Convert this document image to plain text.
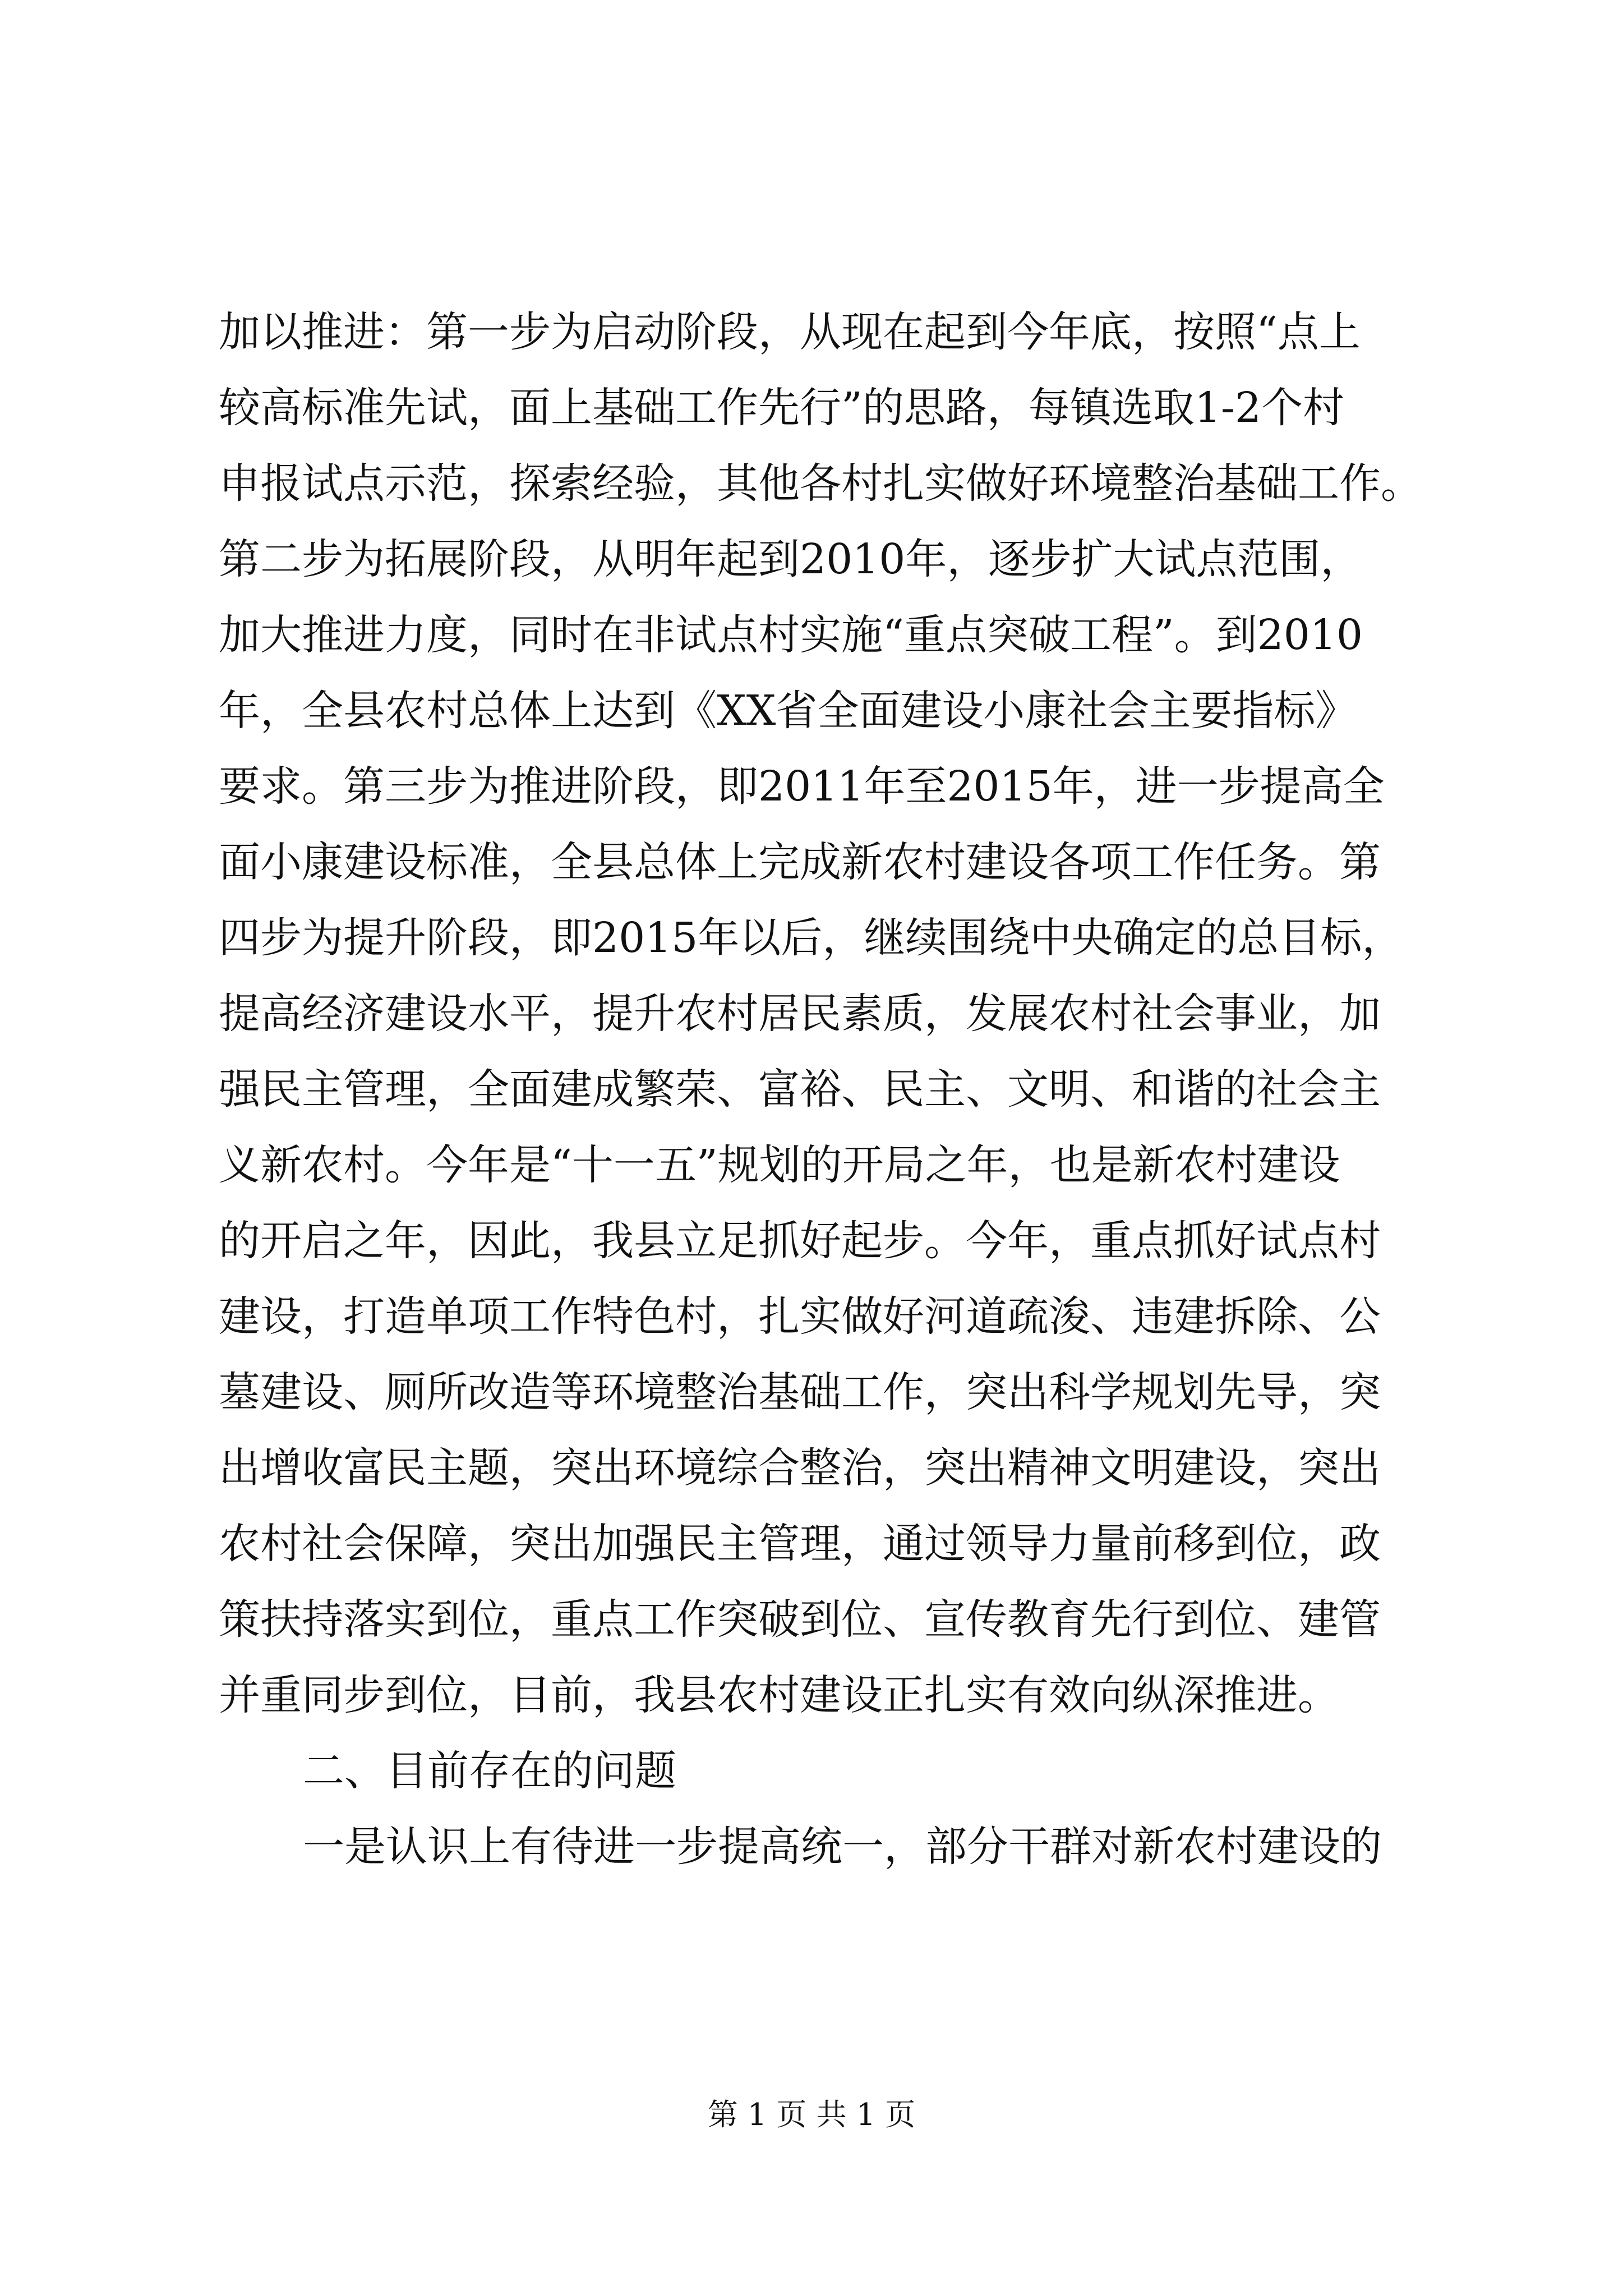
加以推进：第一步为启动阶段，从现在起到今年底，按照“点上
较高标准先试，面上基础工作先行”的思路，每镇选取1-2个村
申报试点示范，探索经验，其他各村扎实做好环境整治基础工作。
第二步为拓展阶段，从明年起到2010年，逐步扩大试点范围，
加大推进力度，同时在非试点村实施“重点突破工程”。到2010
年，全县农村总体上达到《XX省全面建设小康社会主要指标》
要求。第三步为推进阶段，即2011年至2015年，进一步提高全
面小康建设标准，全县总体上完成新农村建设各项工作任务。第
四步为提升阶段，即2015年以后，继续围绕中央确定的总目标，
提高经济建设水平，提升农村居民素质，发展农村社会事业，加
强民主管理，全面建成繁荣、富裕、民主、文明、和谐的社会主
义新农村。今年是“十一五”规划的开局之年，也是新农村建设
的开启之年，因此，我县立足抓好起步。今年，重点抓好试点村
建设，打造单项工作特色村，扎实做好河道疏浚、违建拆除、公
墓建设、厕所改造等环境整治基础工作，突出科学规划先导，突
出增收富民主题，突出环境综合整治，突出精神文明建设，突出
农村社会保障，突出加强民主管理，通过领导力量前移到位，政
策扶持落实到位，重点工作突破到位、宣传教育先行到位、建管
并重同步到位，目前，我县农村建设正扎实有效向纵深推进。
二、目前存在的问题
一是认识上有待进一步提高统一，部分干群对新农村建设的
第 1 页 共 1 页
